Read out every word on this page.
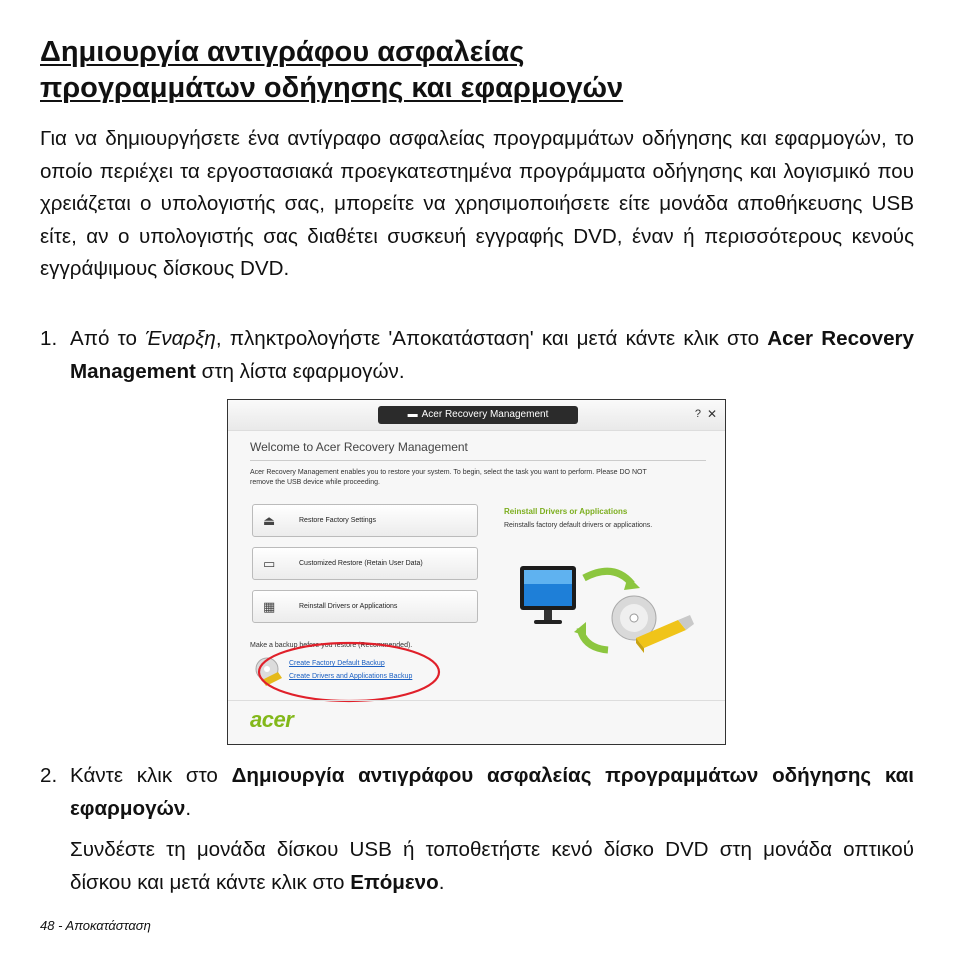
Δημιουργία αντιγράφου ασφαλείας
προγραμμάτων οδήγησης και εφαρμογών

Για να δημιουργήσετε ένα αντίγραφο ασφαλείας προγραμμάτων οδήγησης και εφαρμογών, το οποίο περιέχει τα εργοστασιακά προεγκατεστημένα προγράμματα οδήγησης και λογισμικό που χρειάζεται ο υπολογιστής σας, μπορείτε να χρησιμοποιήσετε είτε μονάδα αποθήκευσης USB είτε, αν ο υπολογιστής σας διαθέτει συσκευή εγγραφής DVD, έναν ή περισσότερους κενούς εγγράψιμους δίσκους DVD.

1. Από το Έναρξη, πληκτρολογήστε 'Αποκατάσταση' και μετά κάντε κλικ στο Acer Recovery Management στη λίστα εφαρμογών.
▬ Acer Recovery Management	? ✕
Welcome to Acer Recovery Management
Acer Recovery Management enables you to restore your system. To begin, select the task you want to perform. Please DO NOT remove the USB device while proceeding.
⏏	Restore Factory Settings
▭	Customized Restore (Retain User Data)
▦	Reinstall Drivers or Applications
Reinstall Drivers or Applications
Reinstalls factory default drivers or applications.
Make a backup before you restore (Recommended).
Create Factory Default Backup
Create Drivers and Applications Backup
acer
2. Κάντε κλικ στο Δημιουργία αντιγράφου ασφαλείας προγραμμάτων οδήγησης και εφαρμογών.

Συνδέστε τη μονάδα δίσκου USB ή τοποθετήστε κενό δίσκο DVD στη μονάδα οπτικού δίσκου και μετά κάντε κλικ στο Επόμενο.

48 - Αποκατάσταση
